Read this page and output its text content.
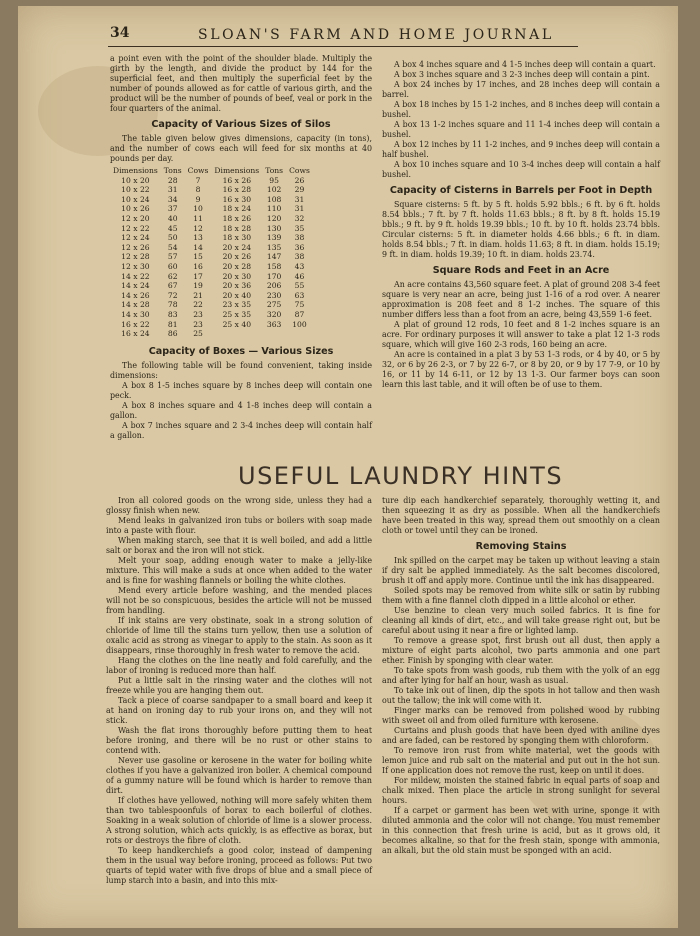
34	SLOAN'S FARM AND HOME JOURNAL

a point even with the point of the shoulder blade. Multiply the girth by the length, and divide the product by 144 for the superficial feet, and then multiply the superficial feet by the number of pounds allowed as for cattle of various girth, and the product will be the number of pounds of beef, veal or pork in the four quarters of the animal.

Capacity of Various Sizes of Silos

The table given below gives dimensions, capacity (in tons), and the number of cows each will feed for six months at 40 pounds per day.

Dimensions	Tons	Cows	Dimensions	Tons	Cows
10 x 20	28	7	16 x 26	95	26
10 x 22	31	8	16 x 28	102	29
10 x 24	34	9	16 x 30	108	31
10 x 26	37	10	18 x 24	110	31
12 x 20	40	11	18 x 26	120	32
12 x 22	45	12	18 x 28	130	35
12 x 24	50	13	18 x 30	139	38
12 x 26	54	14	20 x 24	135	36
12 x 28	57	15	20 x 26	147	38
12 x 30	60	16	20 x 28	158	43
14 x 22	62	17	20 x 30	170	46
14 x 24	67	19	20 x 36	206	55
14 x 26	72	21	20 x 40	230	63
14 x 28	78	22	23 x 35	275	75
14 x 30	83	23	25 x 35	320	87
16 x 22	81	23	25 x 40	363	100
16 x 24	86	25			
Capacity of Boxes — Various Sizes

The following table will be found convenient, taking inside dimensions:

A box 8 1-5 inches square by 8 inches deep will contain one peck.

A box 8 inches square and 4 1-8 inches deep will contain a gallon.

A box 7 inches square and 2 3-4 inches deep will contain half a gallon.

A box 4 inches square and 4 1-5 inches deep will contain a quart.

A box 3 inches square and 3 2-3 inches deep will contain a pint.

A box 24 inches by 17 inches, and 28 inches deep will contain a barrel.

A box 18 inches by 15 1-2 inches, and 8 inches deep will contain a bushel.

A box 13 1-2 inches square and 11 1-4 inches deep will contain a bushel.

A box 12 inches by 11 1-2 inches, and 9 inches deep will contain a half bushel.

A box 10 inches square and 10 3-4 inches deep will contain a half bushel.

Capacity of Cisterns in Barrels per Foot in Depth

Square cisterns: 5 ft. by 5 ft. holds 5.92 bbls.; 6 ft. by 6 ft. holds 8.54 bbls.; 7 ft. by 7 ft. holds 11.63 bbls.; 8 ft. by 8 ft. holds 15.19 bbls.; 9 ft. by 9 ft. holds 19.39 bbls.; 10 ft. by 10 ft. holds 23.74 bbls. Circular cisterns: 5 ft. in diameter holds 4.66 bbls.; 6 ft. in diam. holds 8.54 bbls.; 7 ft. in diam. holds 11.63; 8 ft. in diam. holds 15.19; 9 ft. in diam. holds 19.39; 10 ft. in diam. holds 23.74.

Square Rods and Feet in an Acre

An acre contains 43,560 square feet. A plat of ground 208 3-4 feet square is very near an acre, being just 1-16 of a rod over. A nearer approximation is 208 feet and 8 1-2 inches. The square of this number differs less than a foot from an acre, being 43,559 1-6 feet.

A plat of ground 12 rods, 10 feet and 8 1-2 inches square is an acre. For ordinary purposes it will answer to take a plat 12 1-3 rods square, which will give 160 2-3 rods, 160 being an acre.

An acre is contained in a plat 3 by 53 1-3 rods, or 4 by 40, or 5 by 32, or 6 by 26 2-3, or 7 by 22 6-7, or 8 by 20, or 9 by 17 7-9, or 10 by 16, or 11 by 14 6-11, or 12 by 13 1-3. Our farmer boys can soon learn this last table, and it will often be of use to them.

USEFUL LAUNDRY HINTS

Iron all colored goods on the wrong side, unless they had a glossy finish when new.

Mend leaks in galvanized iron tubs or boilers with soap made into a paste with flour.

When making starch, see that it is well boiled, and add a little salt or borax and the iron will not stick.

Melt your soap, adding enough water to make a jelly-like mixture. This will make a suds at once when added to the water and is fine for washing flannels or boiling the white clothes.

Mend every article before washing, and the mended places will not be so conspicuous, besides the article will not be mussed from handling.

If ink stains are very obstinate, soak in a strong solution of chloride of lime till the stains turn yellow, then use a solution of oxalic acid as strong as vinegar to apply to the stain. As soon as it disappears, rinse thoroughly in fresh water to remove the acid.

Hang the clothes on the line neatly and fold carefully, and the labor of ironing is reduced more than half.

Put a little salt in the rinsing water and the clothes will not freeze while you are hanging them out.

Tack a piece of coarse sandpaper to a small board and keep it at hand on ironing day to rub your irons on, and they will not stick.

Wash the flat irons thoroughly before putting them to heat before ironing, and there will be no rust or other stains to contend with.

Never use gasoline or kerosene in the water for boiling white clothes if you have a galvanized iron boiler. A chemical compound of a gummy nature will be found which is harder to remove than dirt.

If clothes have yellowed, nothing will more safely whiten them than two tablespoonfuls of borax to each boilerful of clothes. Soaking in a weak solution of chloride of lime is a slower process. A strong solution, which acts quickly, is as effective as borax, but rots or destroys the fibre of cloth.

To keep handkerchiefs a good color, instead of dampening them in the usual way before ironing, proceed as follows: Put two quarts of tepid water with five drops of blue and a small piece of lump starch into a basin, and into this mix-

ture dip each handkerchief separately, thoroughly wetting it, and then squeezing it as dry as possible. When all the handkerchiefs have been treated in this way, spread them out smoothly on a clean cloth or towel until they can be ironed.

Removing Stains

Ink spilled on the carpet may be taken up without leaving a stain if dry salt be applied immediately. As the salt becomes discolored, brush it off and apply more. Continue until the ink has disappeared.

Soiled spots may be removed from white silk or satin by rubbing them with a fine flannel cloth dipped in a little alcohol or ether.

Use benzine to clean very much soiled fabrics. It is fine for cleaning all kinds of dirt, etc., and will take grease right out, but be careful about using it near a fire or lighted lamp.

To remove a grease spot, first brush out all dust, then apply a mixture of eight parts alcohol, two parts ammonia and one part ether. Finish by sponging with clear water.

To take spots from wash goods, rub them with the yolk of an egg and after lying for half an hour, wash as usual.

To take ink out of linen, dip the spots in hot tallow and then wash out the tallow; the ink will come with it.

Finger marks can be removed from polished wood by rubbing with sweet oil and from oiled furniture with kerosene.

Curtains and plush goods that have been dyed with aniline dyes and are faded, can be restored by sponging them with chloroform.

To remove iron rust from white material, wet the goods with lemon juice and rub salt on the material and put out in the hot sun. If one application does not remove the rust, keep on until it does.

For mildew, moisten the stained fabric in equal parts of soap and chalk mixed. Then place the article in strong sunlight for several hours.

If a carpet or garment has been wet with urine, sponge it with diluted ammonia and the color will not change. You must remember in this connection that fresh urine is acid, but as it grows old, it becomes alkaline, so that for the fresh stain, sponge with ammonia, an alkali, but the old stain must be sponged with an acid.
